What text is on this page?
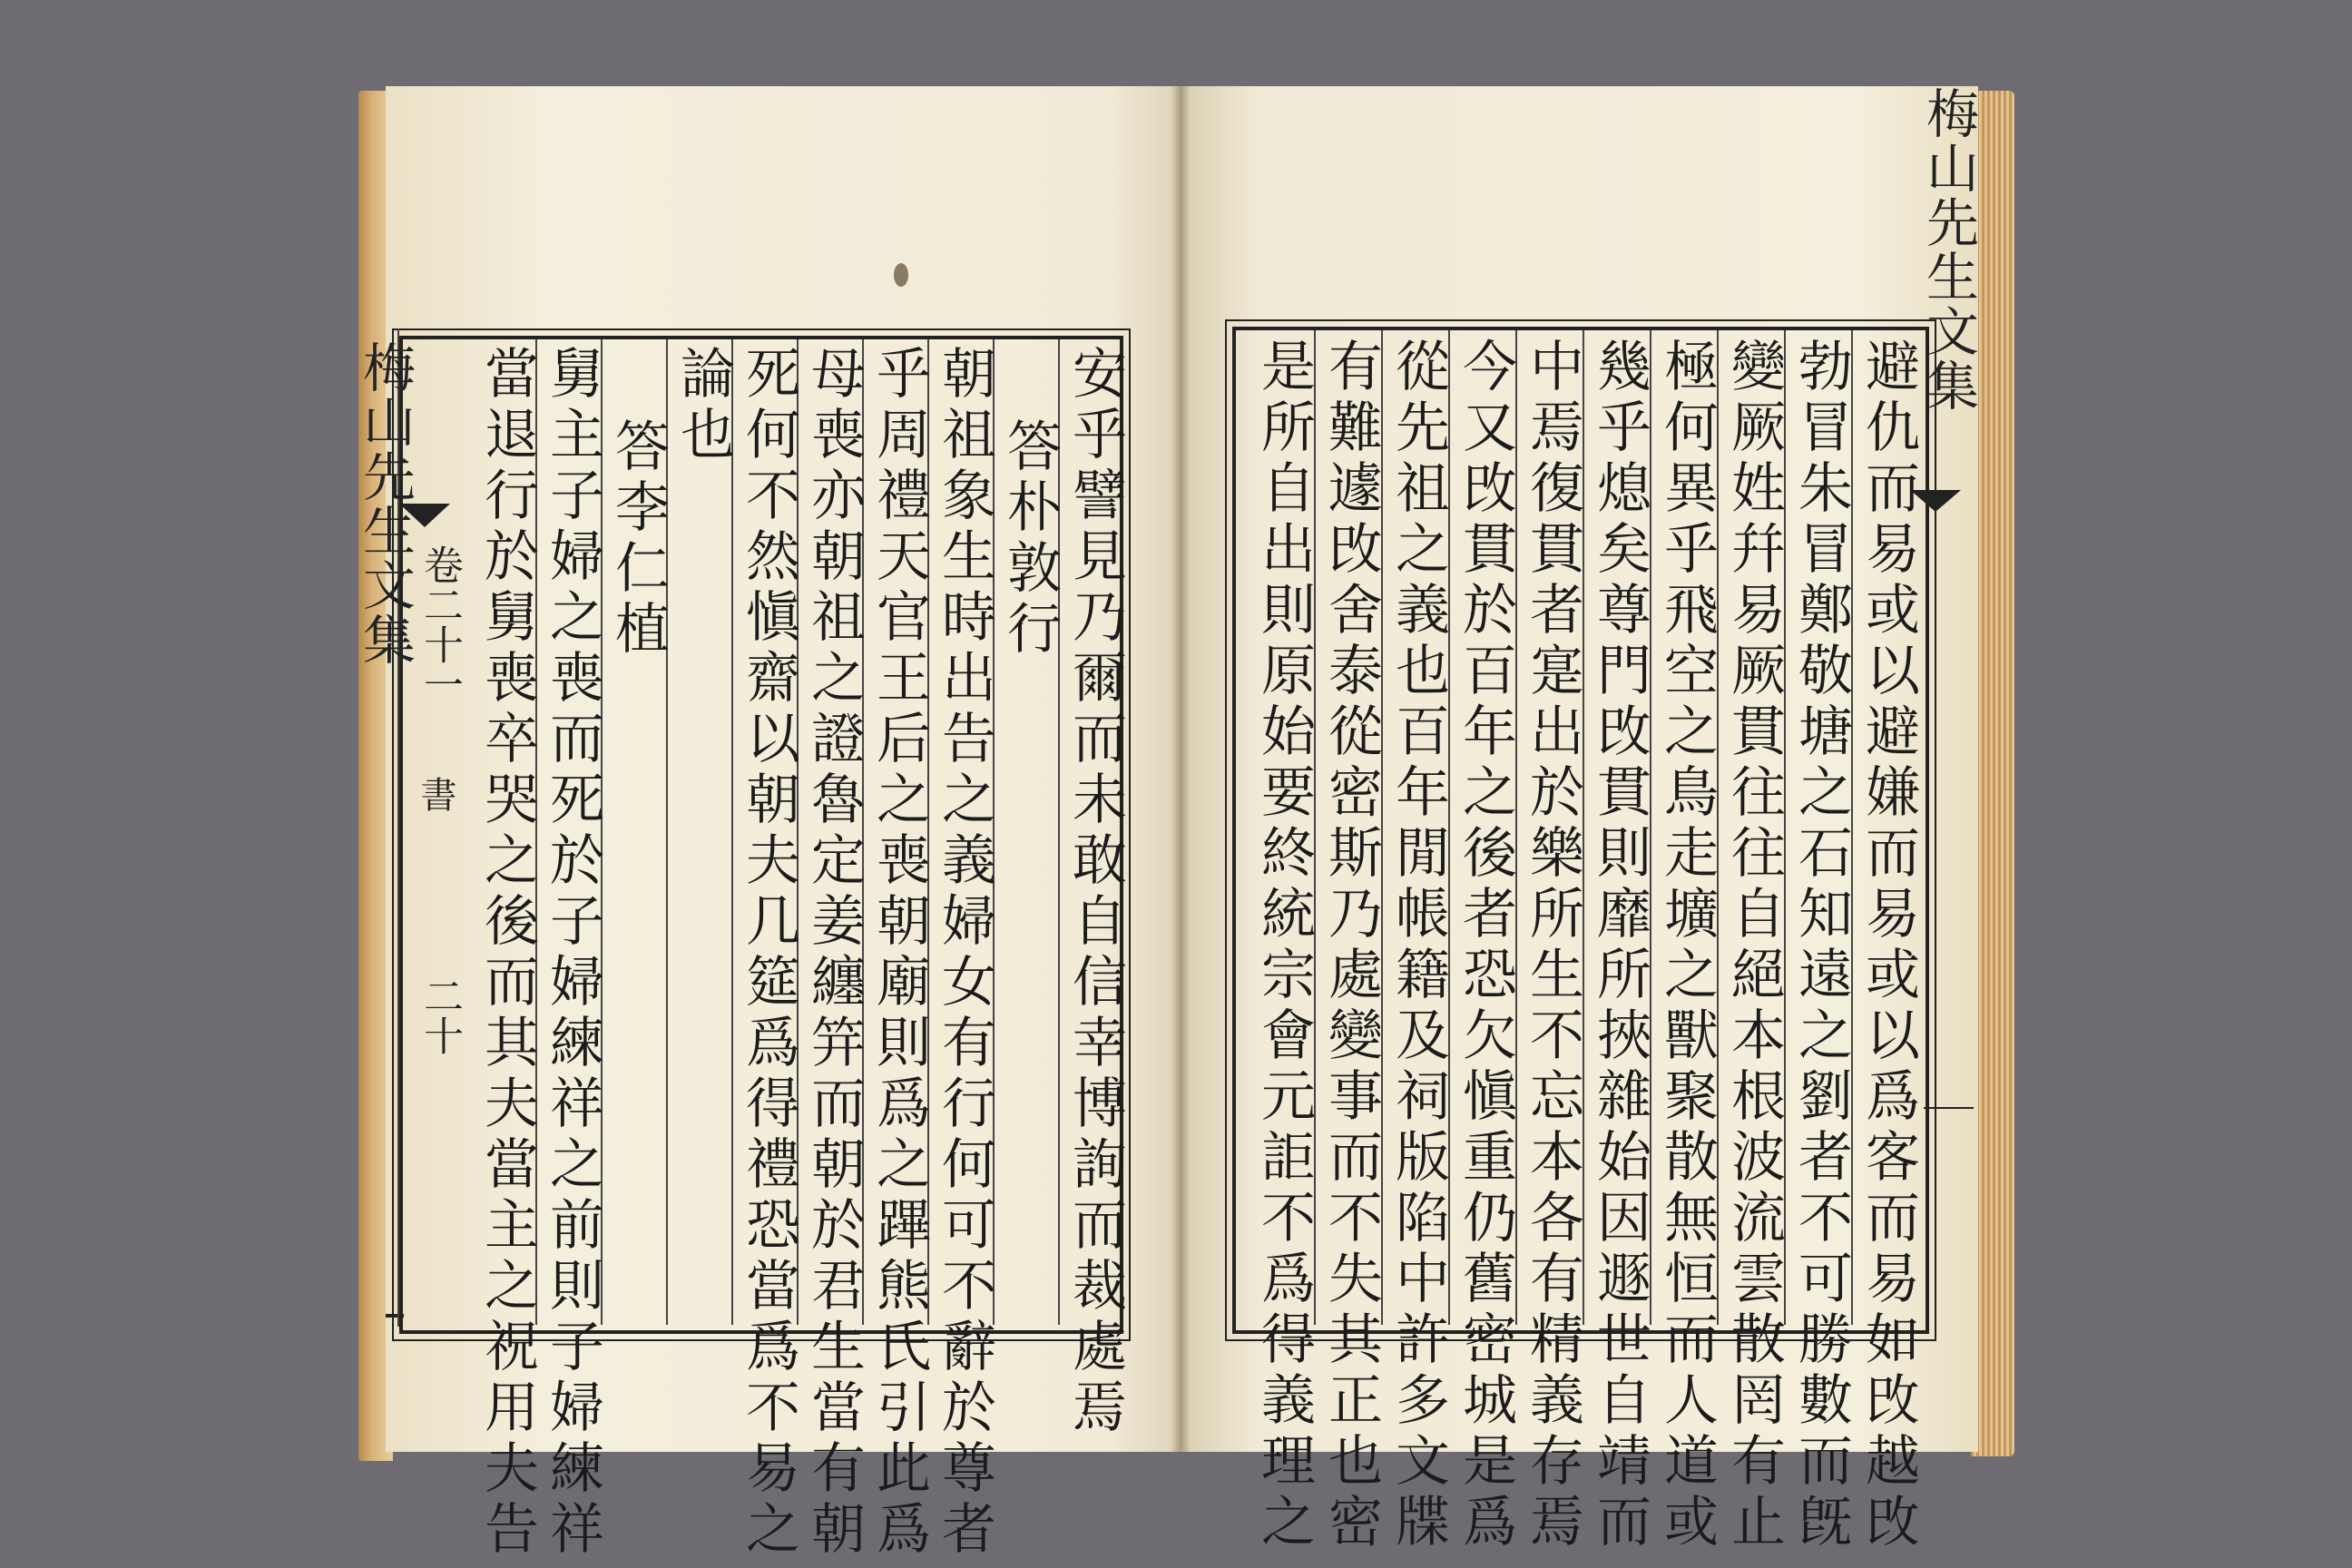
梅山先生文集 卷二十一
書
二十	安乎譬見乃爾而未敢自信幸博詢而裁處焉
答朴敦行
朝祖象生時出告之義婦女有行何可不辭於尊者
乎周禮天官王后之喪朝廟則爲之蹕熊氏引此爲
母喪亦朝祖之證魯定姜纏笄而朝於君生當有朝
死何不然愼齋以朝夫几筵爲得禮恐當爲不易之
論也
答李仁植
舅主子婦之喪而死於子婦練祥之前則子婦練祥
當退行於舅喪卒哭之後而其夫當主之祝用夫告
梅山先生文集
避仇而易或以避嫌而易或以爲客而易如攺越攺
勃冒朱冒鄭敬塘之石知遠之劉者不可勝數而旣
變厥姓幷易厥貫往往自絕本根波流雲散罔有止
極何異乎飛空之鳥走壙之獸聚散無恒而人道或
幾乎熄矣尊門攺貫則靡所挾雜始因遯世自靖而
中焉復貫者寔出於樂所生不忘本各有精義存焉
今又攺貫於百年之後者恐欠愼重仍舊密城是爲
從先祖之義也百年閒帳籍及祠版陷中許多文牒
有難遽攺舍泰從密斯乃處變事而不失其正也密
是所自出則原始要終統宗會元詎不爲得義理之
